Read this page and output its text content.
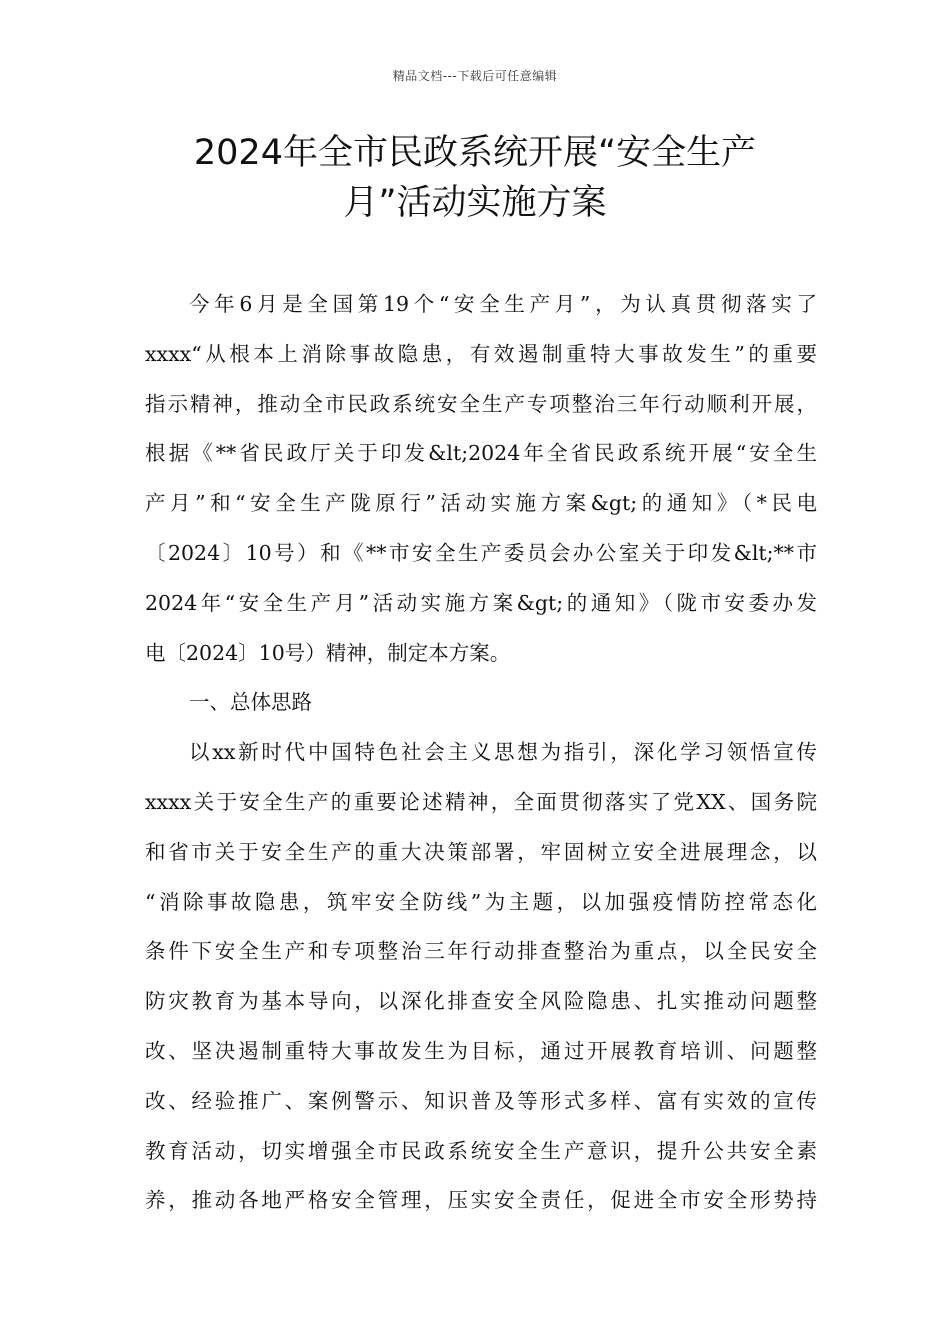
精品文档---下载后可任意编辑
2024年全市民政系统开展“安全生产
月”活动实施方案
今年6月是全国第19个“安全生产月”，为认真贯彻落实了
xxxx“从根本上消除事故隐患，有效遏制重特大事故发生”的重要
指示精神，推动全市民政系统安全生产专项整治三年行动顺利开展，
根据《**省民政厅关于印发&lt;2024年全省民政系统开展“安全生
产月”和“安全生产陇原行”活动实施方案&gt;的通知》（*民电
〔2024〕10号）和《**市安全生产委员会办公室关于印发&lt;**市
2024年“安全生产月”活动实施方案&gt;的通知》（陇市安委办发
电〔2024〕10号）精神，制定本方案。
一、总体思路
以xx新时代中国特色社会主义思想为指引，深化学习领悟宣传
xxxx关于安全生产的重要论述精神，全面贯彻落实了党XX、国务院
和省市关于安全生产的重大决策部署，牢固树立安全进展理念，以
“消除事故隐患，筑牢安全防线”为主题，以加强疫情防控常态化
条件下安全生产和专项整治三年行动排查整治为重点，以全民安全
防灾教育为基本导向，以深化排查安全风险隐患、扎实推动问题整
改、坚决遏制重特大事故发生为目标，通过开展教育培训、问题整
改、经验推广、案例警示、知识普及等形式多样、富有实效的宣传
教育活动，切实增强全市民政系统安全生产意识，提升公共安全素
养，推动各地严格安全管理，压实安全责任，促进全市安全形势持
